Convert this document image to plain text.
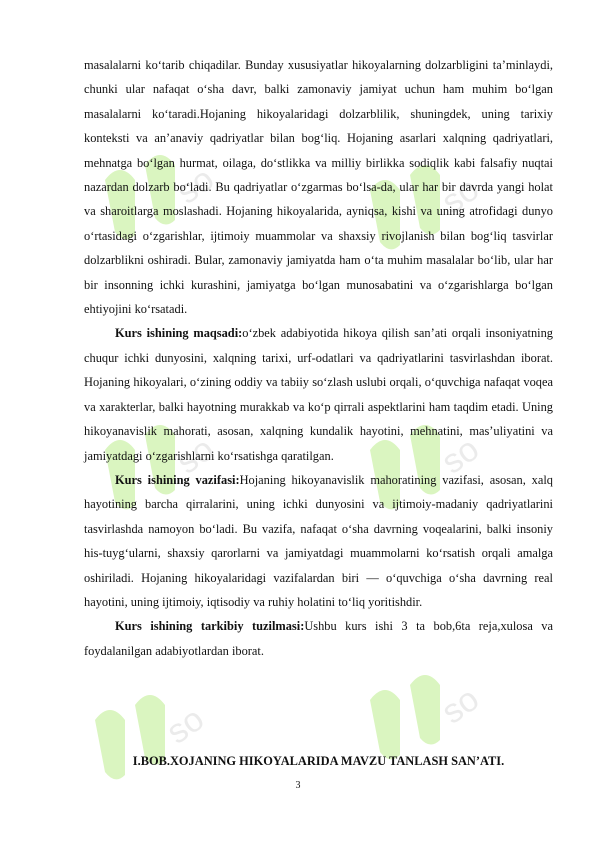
so	so
so	so
so	so

masalalarni ko‘tarib chiqadilar. Bunday xususiyatlar hikoyalarning dolzarbligini ta’minlaydi, chunki ular nafaqat o‘sha davr, balki zamonaviy jamiyat uchun ham muhim bo‘lgan masalalarni ko‘taradi.Hojaning hikoyalaridagi dolzarblilik, shuningdek, uning tarixiy konteksti va an’anaviy qadriyatlar bilan bog‘liq. Hojaning asarlari xalqning qadriyatlari, mehnatga bo‘lgan hurmat, oilaga, do‘stlikka va milliy birlikka sodiqlik kabi falsafiy nuqtai nazardan dolzarb bo‘ladi. Bu qadriyatlar o‘zgarmas bo‘lsa-da, ular har bir davrda yangi holat va sharoitlarga moslashadi. Hojaning hikoyalarida, ayniqsa, kishi va uning atrofidagi dunyo o‘rtasidagi o‘zgarishlar, ijtimoiy muammolar va shaxsiy rivojlanish bilan bog‘liq tasvirlar dolzarblikni oshiradi. Bular, zamonaviy jamiyatda ham o‘ta muhim masalalar bo‘lib, ular har bir insonning ichki kurashini, jamiyatga bo‘lgan munosabatini va o‘zgarishlarga bo‘lgan ehtiyojini ko‘rsatadi.

Kurs ishining maqsadi:o‘zbek adabiyotida hikoya qilish san’ati orqali insoniyatning chuqur ichki dunyosini, xalqning tarixi, urf-odatlari va qadriyatlarini tasvirlashdan iborat. Hojaning hikoyalari, o‘zining oddiy va tabiiy so‘zlash uslubi orqali, o‘quvchiga nafaqat voqea va xarakterlar, balki hayotning murakkab va ko‘p qirrali aspektlarini ham taqdim etadi. Uning hikoyanavislik mahorati, asosan, xalqning kundalik hayotini, mehnatini, mas’uliyatini va jamiyatdagi o‘zgarishlarni ko‘rsatishga qaratilgan.

Kurs ishining vazifasi:Hojaning hikoyanavislik mahoratining vazifasi, asosan, xalq hayotining barcha qirralarini, uning ichki dunyosini va ijtimoiy-madaniy qadriyatlarini tasvirlashda namoyon bo‘ladi. Bu vazifa, nafaqat o‘sha davrning voqealarini, balki insoniy his-tuyg‘ularni, shaxsiy qarorlarni va jamiyatdagi muammolarni ko‘rsatish orqali amalga oshiriladi. Hojaning hikoyalaridagi vazifalardan biri — o‘quvchiga o‘sha davrning real hayotini, uning ijtimoiy, iqtisodiy va ruhiy holatini to‘liq yoritishdir.

Kurs ishining tarkibiy tuzilmasi:Ushbu kurs ishi 3 ta bob,6ta reja,xulosa va foydalanilgan adabiyotlardan iborat.

I.BOB.XOJANING HIKOYALARIDA MAVZU TANLASH SAN’ATI.
3
